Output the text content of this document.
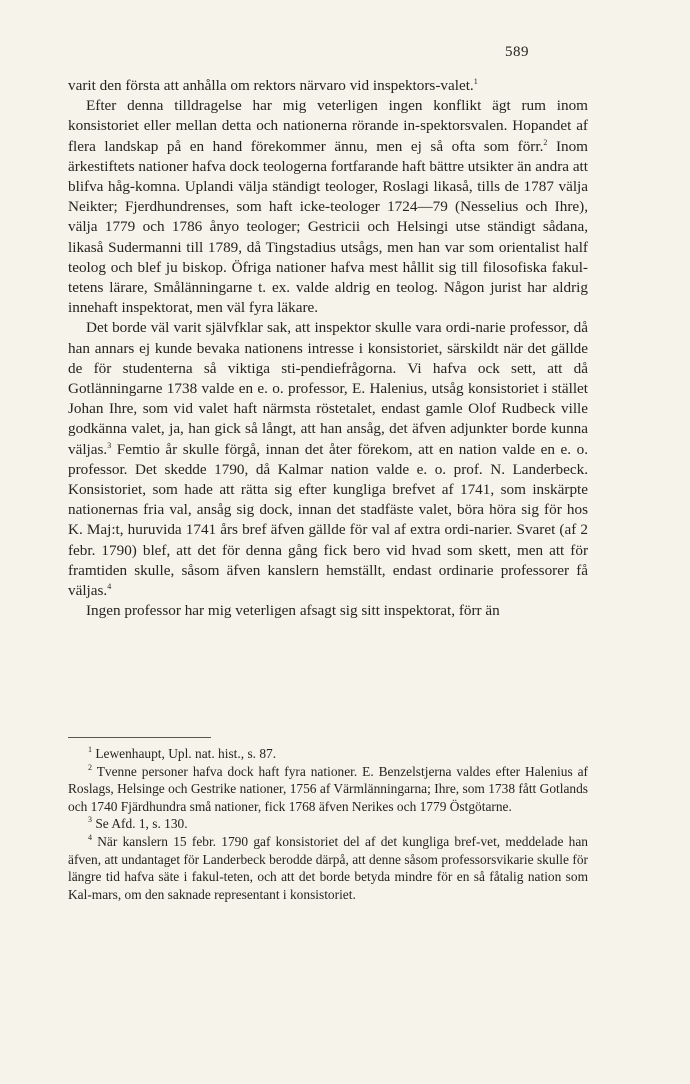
589

varit den första att anhålla om rektors närvaro vid inspektors-valet.$^1$

Efter denna tilldragelse har mig veterligen ingen konflikt ägt rum inom konsistoriet eller mellan detta och nationerna rörande in-spektorsvalen. Hopandet af flera landskap på en hand förekommer ännu, men ej så ofta som förr.$^2$ Inom ärkestiftets nationer hafva dock teologerna fortfarande haft bättre utsikter än andra att blifva håg-komna. Uplandi välja ständigt teologer, Roslagi likaså, tills de 1787 välja Neikter; Fjerdhundrenses, som haft icke-teologer 1724—79 (Nesselius och Ihre), välja 1779 och 1786 ånyo teologer; Gestricii och Helsingi utse ständigt sådana, likaså Sudermanni till 1789, då Tingstadius utsågs, men han var som orientalist half teolog och blef ju biskop. Öfriga nationer hafva mest hållit sig till filosofiska fakul-tetens lärare, Smålänningarne t. ex. valde aldrig en teolog. Någon jurist har aldrig innehaft inspektorat, men väl fyra läkare.

Det borde väl varit självfklar sak, att inspektor skulle vara ordi-narie professor, då han annars ej kunde bevaka nationens intresse i konsistoriet, särskildt när det gällde de för studenterna så viktiga sti-pendiefrågorna. Vi hafva ock sett, att då Gotlänningarne 1738 valde en e. o. professor, E. Halenius, utsåg konsistoriet i stället Johan Ihre, som vid valet haft närmsta röstetalet, endast gamle Olof Rudbeck ville godkänna valet, ja, han gick så långt, att han ansåg, det äfven adjunkter borde kunna väljas.$^3$ Femtio år skulle förgå, innan det åter förekom, att en nation valde en e. o. professor. Det skedde 1790, då Kalmar nation valde e. o. prof. N. Landerbeck. Konsistoriet, som hade att rätta sig efter kungliga brefvet af 1741, som inskärpte nationernas fria val, ansåg sig dock, innan det stadfäste valet, böra höra sig för hos K. Maj:t, huruvida 1741 års bref äfven gällde för val af extra ordi-narier. Svaret (af 2 febr. 1790) blef, att det för denna gång fick bero vid hvad som skett, men att för framtiden skulle, såsom äfven kanslern hemställt, endast ordinarie professorer få väljas.$^4$

Ingen professor har mig veterligen afsagt sig sitt inspektorat, förr än

$^1$ Lewenhaupt, Upl. nat. hist., s. 87.

$^2$ Tvenne personer hafva dock haft fyra nationer. E. Benzelstjerna valdes efter Halenius af Roslags, Helsinge och Gestrike nationer, 1756 af Värmlänningarna; Ihre, som 1738 fått Gotlands och 1740 Fjärdhundra små nationer, fick 1768 äfven Nerikes och 1779 Östgötarne.

$^3$ Se Afd. 1, s. 130.

$^4$ När kanslern 15 febr. 1790 gaf konsistoriet del af det kungliga bref-vet, meddelade han äfven, att undantaget för Landerbeck berodde därpå, att denne såsom professorsvikarie skulle för längre tid hafva säte i fakul-teten, och att det borde betyda mindre för en så fåtalig nation som Kal-mars, om den saknade representant i konsistoriet.
